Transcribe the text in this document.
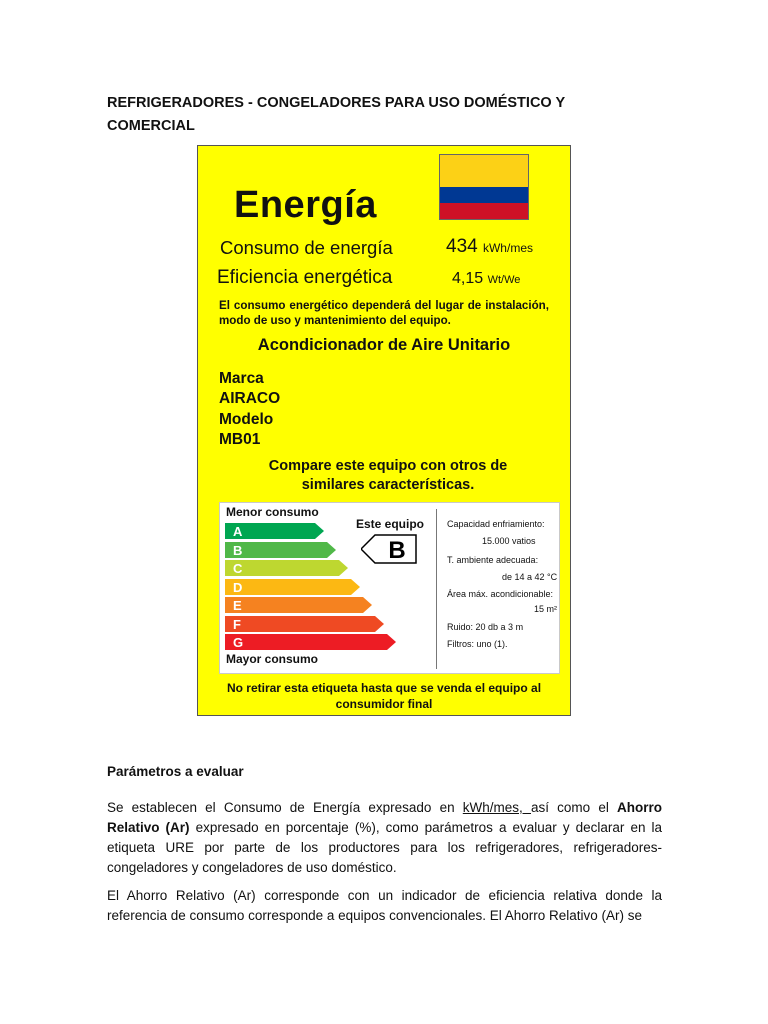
REFRIGERADORES - CONGELADORES PARA USO DOMÉSTICO Y
COMERCIAL
Energía
Consumo de energía	434 kWh/mes
Eficiencia energética	4,15 Wt/We
El consumo energético dependerá del lugar de instalación, modo de uso y mantenimiento del equipo.
Acondicionador de Aire Unitario
Marca
AIRACO
Modelo
MB01
Compare este equipo con otros de
similares características.
Menor consumo
A
B
C
D
E
F
G
Mayor consumo
Este equipo
B
Capacidad enfriamiento:
15.000 vatios
T. ambiente adecuada:
de 14 a 42 °C
Área máx. acondicionable:
15 m²
Ruido: 20 db a 3 m
Filtros: uno (1).
No retirar esta etiqueta hasta que se venda el equipo al
consumidor final
Parámetros a evaluar
Se establecen el Consumo de Energía expresado en kWh/mes, así como el Ahorro Relativo (Ar) expresado en porcentaje (%), como parámetros a evaluar y declarar en la etiqueta URE por parte de los productores para los refrigeradores, refrigeradores-congeladores y congeladores de uso doméstico.
El Ahorro Relativo (Ar) corresponde con un indicador de eficiencia relativa donde la referencia de consumo corresponde a equipos convencionales. El Ahorro Relativo (Ar) se
